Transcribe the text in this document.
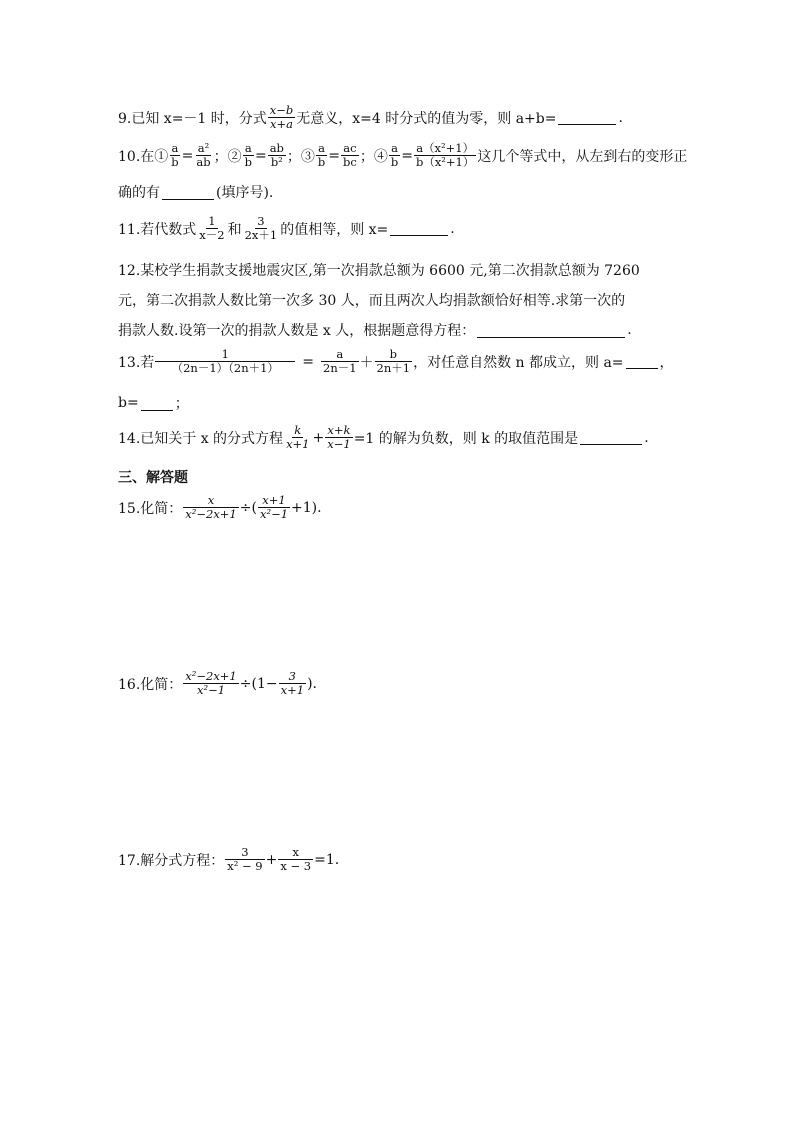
9.已知 x=－1 时，分式 $\frac{x-b}{x+a}$ 无意义，x=4 时分式的值为零，则 a+b=	.
10.在① $\frac{a}{b} = \frac{\text{a²}}{ab}$ ；② $\frac{a}{b} = \frac{ab}{\text{b²}}$ ；③ $\frac{a}{b} = \frac{ac}{bc}$ ；④ $\frac{a}{b} = \frac{\text{a（x²+1）}}{\text{b（x²+1）}}$ 这几个等式中，从左到右的变形正
确的有	(填序号).
11.若代数式 $\frac{1}{x-2}$ 和 $\frac{3}{2x+1}$ 的值相等，则 x=	.
12.某校学生捐款支援地震灾区,第一次捐款总额为 6600 元,第二次捐款总额为 7260
元，第二次捐款人数比第一次多 30 人，而且两次人均捐款额恰好相等.求第一次的
捐款人数.设第一次的捐款人数是 x 人，根据题意得方程：	.
13.若 $\frac{1}{(2n-1)(2n+1)} = \frac{a}{2n-1} + \frac{b}{2n+1}$ ，对任意自然数 n 都成立，则 a=	，
b=	；
14.已知关于 x 的分式方程 $\frac{k}{x+1} + \frac{x+k}{x-1} =1$ 的解为负数，则 k 的取值范围是	.
三、解答题
15.化简： $\frac{x}{\text{x²−2x+1}}$ ÷( $\frac{x+1}{\text{x²−1}} +1$).
16.化简： $\frac{\text{x²−2x+1}}{\text{x²−1}} \div(1- \frac{3}{x+1}$ ).
17.解分式方程： $\frac{3}{\text{x² − 9}} + \frac{x}{x - 3} =1$.
